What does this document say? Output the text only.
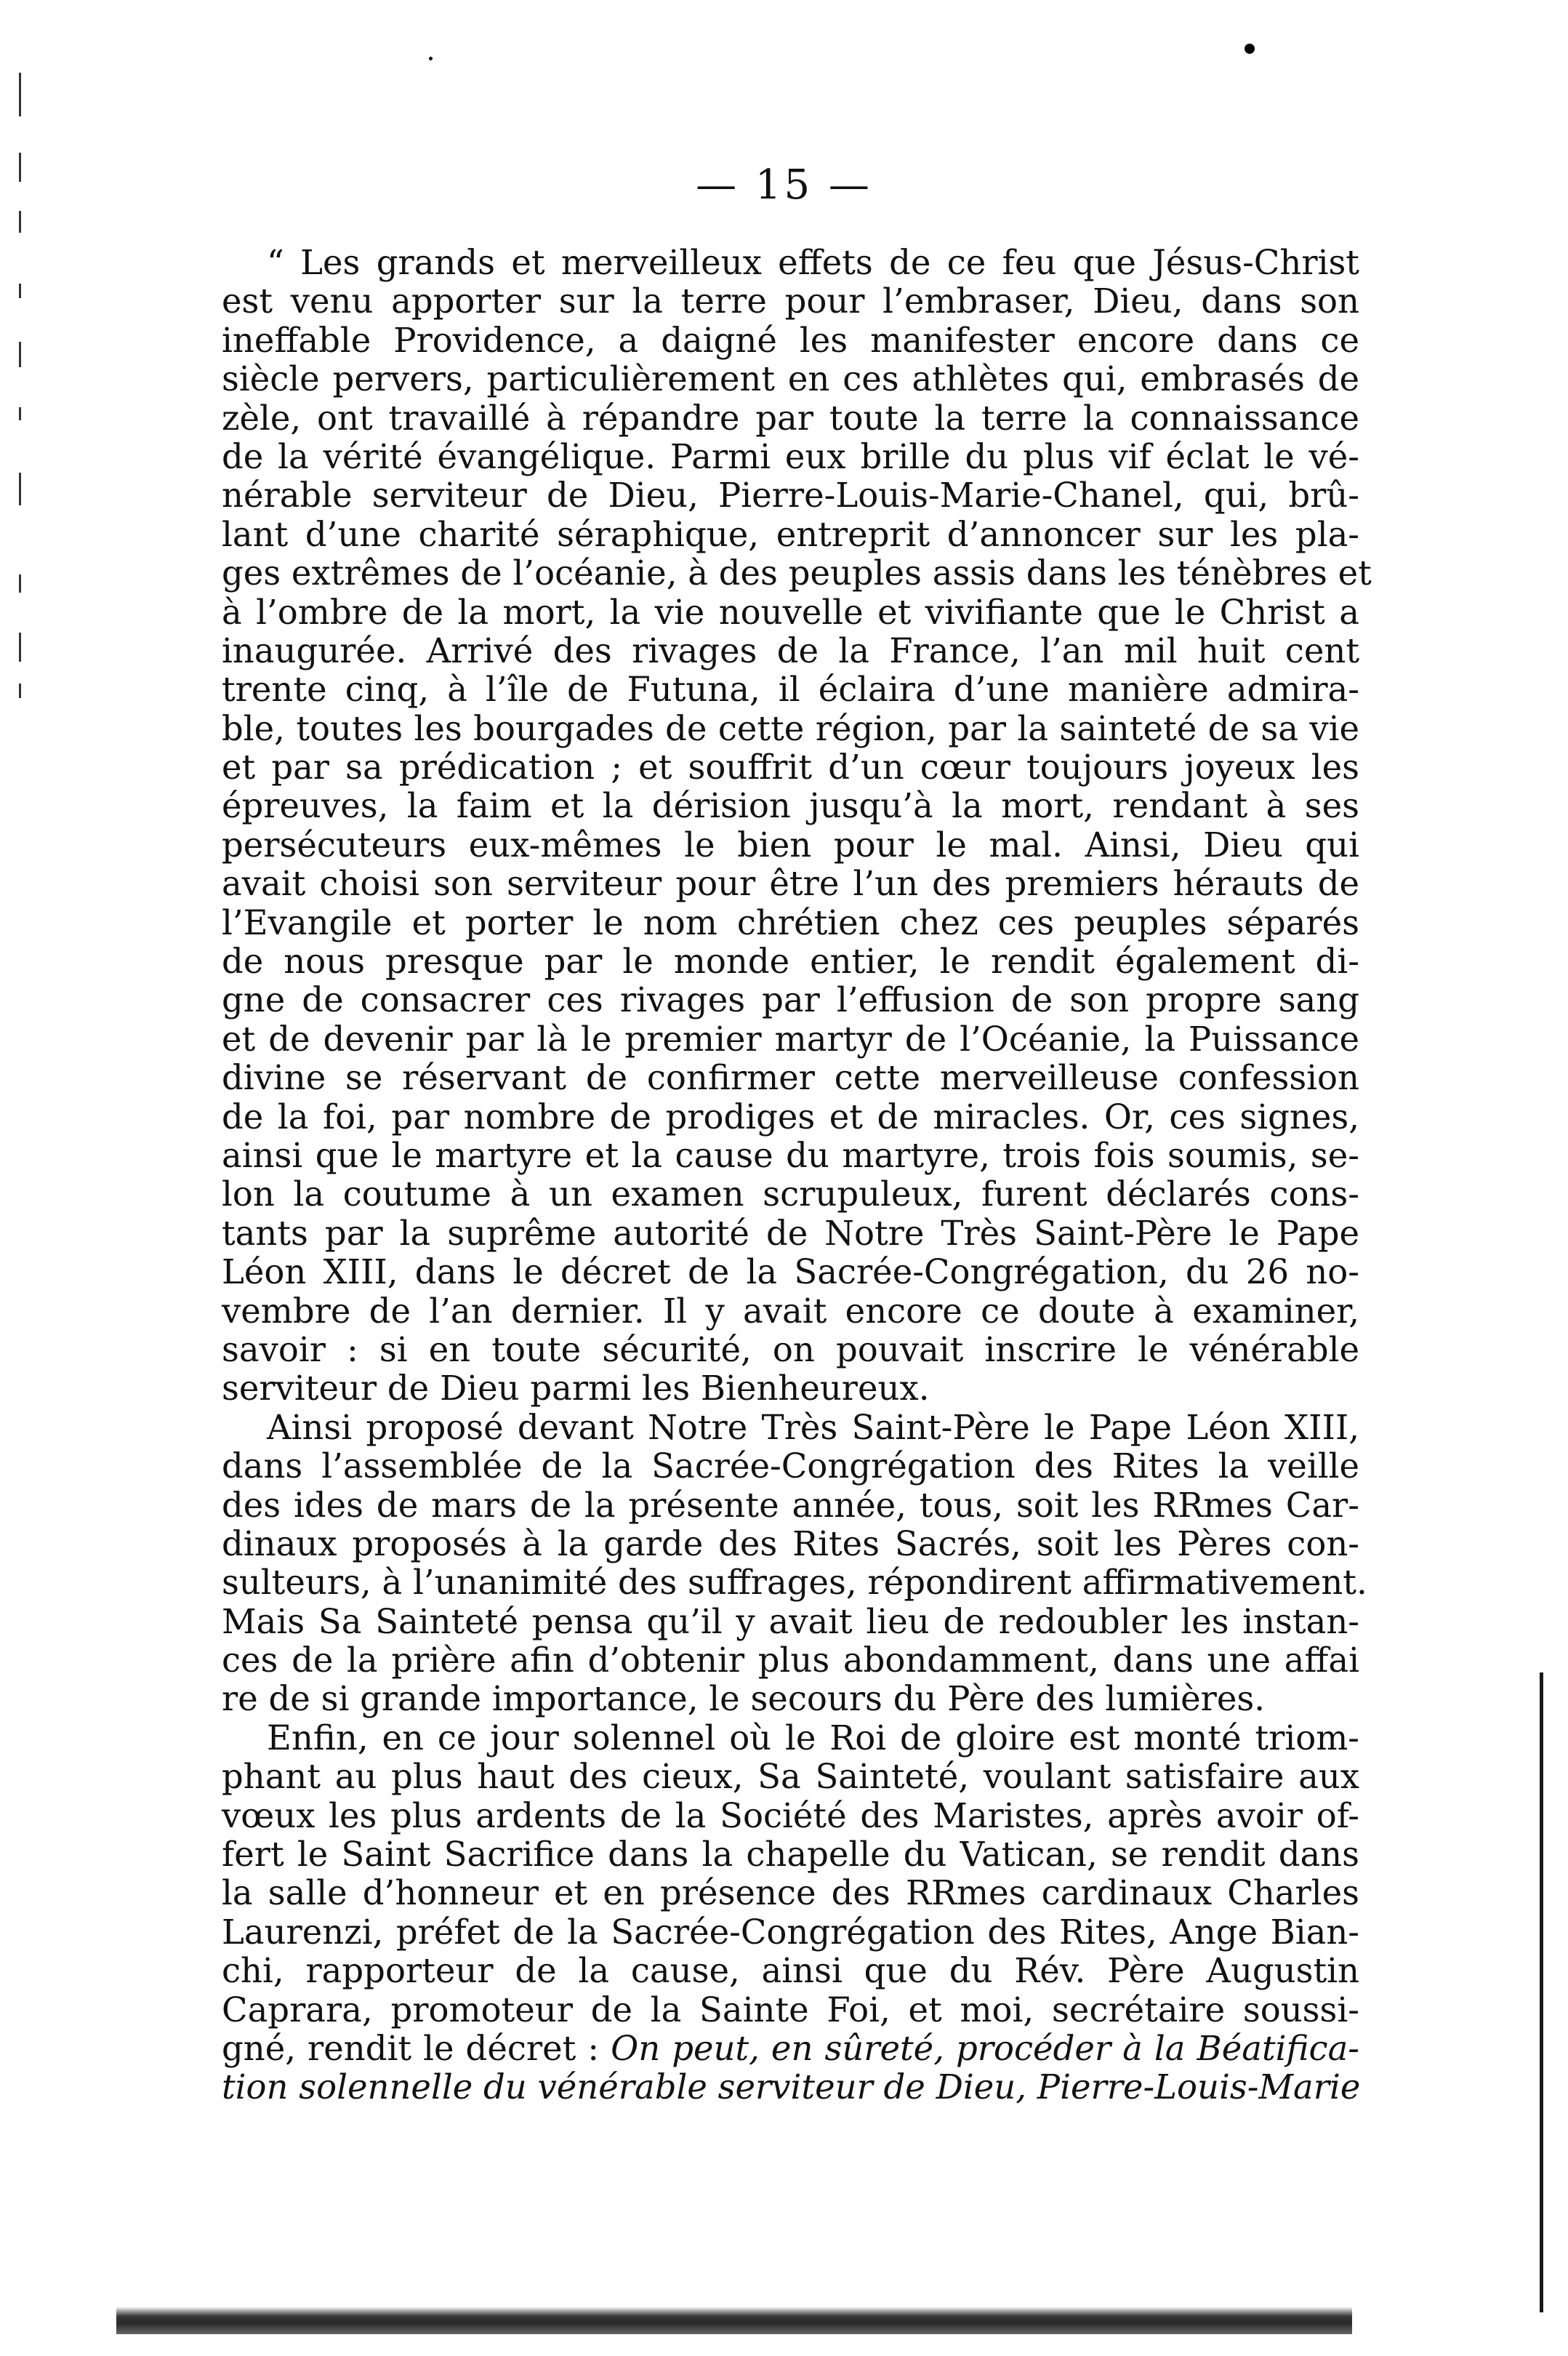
— 15 —
“ Les grands et merveilleux effets de ce feu que Jésus-Christ
est venu apporter sur la terre pour l’embraser, Dieu, dans son
ineffable Providence, a daigné les manifester encore dans ce
siècle pervers, particulièrement en ces athlètes qui, embrasés de
zèle, ont travaillé à répandre par toute la terre la connaissance
de la vérité évangélique. Parmi eux brille du plus vif éclat le vé-
nérable serviteur de Dieu, Pierre-Louis-Marie-Chanel, qui, brû-
lant d’une charité séraphique, entreprit d’annoncer sur les pla-
ges extrêmes de l’océanie, à des peuples assis dans les ténèbres et
à l’ombre de la mort, la vie nouvelle et vivifiante que le Christ a
inaugurée. Arrivé des rivages de la France, l’an mil huit cent
trente cinq, à l’île de Futuna, il éclaira d’une manière admira-
ble, toutes les bourgades de cette région, par la sainteté de sa vie
et par sa prédication ; et souffrit d’un cœur toujours joyeux les
épreuves, la faim et la dérision jusqu’à la mort, rendant à ses
persécuteurs eux-mêmes le bien pour le mal. Ainsi, Dieu qui
avait choisi son serviteur pour être l’un des premiers hérauts de
l’Evangile et porter le nom chrétien chez ces peuples séparés
de nous presque par le monde entier, le rendit également di-
gne de consacrer ces rivages par l’effusion de son propre sang
et de devenir par là le premier martyr de l’Océanie, la Puissance
divine se réservant de confirmer cette merveilleuse confession
de la foi, par nombre de prodiges et de miracles. Or, ces signes,
ainsi que le martyre et la cause du martyre, trois fois soumis, se-
lon la coutume à un examen scrupuleux, furent déclarés cons-
tants par la suprême autorité de Notre Très Saint-Père le Pape
Léon XIII, dans le décret de la Sacrée-Congrégation, du 26 no-
vembre de l’an dernier. Il y avait encore ce doute à examiner,
savoir : si en toute sécurité, on pouvait inscrire le vénérable
serviteur de Dieu parmi les Bienheureux.
Ainsi proposé devant Notre Très Saint-Père le Pape Léon XIII,
dans l’assemblée de la Sacrée-Congrégation des Rites la veille
des ides de mars de la présente année, tous, soit les RRmes Car-
dinaux proposés à la garde des Rites Sacrés, soit les Pères con-
sulteurs, à l’unanimité des suffrages, répondirent affirmativement.
Mais Sa Sainteté pensa qu’il y avait lieu de redoubler les instan-
ces de la prière afin d’obtenir plus abondamment, dans une affai
re de si grande importance, le secours du Père des lumières.
Enfin, en ce jour solennel où le Roi de gloire est monté triom-
phant au plus haut des cieux, Sa Sainteté, voulant satisfaire aux
vœux les plus ardents de la Société des Maristes, après avoir of-
fert le Saint Sacrifice dans la chapelle du Vatican, se rendit dans
la salle d’honneur et en présence des RRmes cardinaux Charles
Laurenzi, préfet de la Sacrée-Congrégation des Rites, Ange Bian-
chi, rapporteur de la cause, ainsi que du Rév. Père Augustin
Caprara, promoteur de la Sainte Foi, et moi, secrétaire soussi-
gné, rendit le décret : On peut, en sûreté, procéder à la Béatifica-
tion solennelle du vénérable serviteur de Dieu, Pierre-Louis-Marie
